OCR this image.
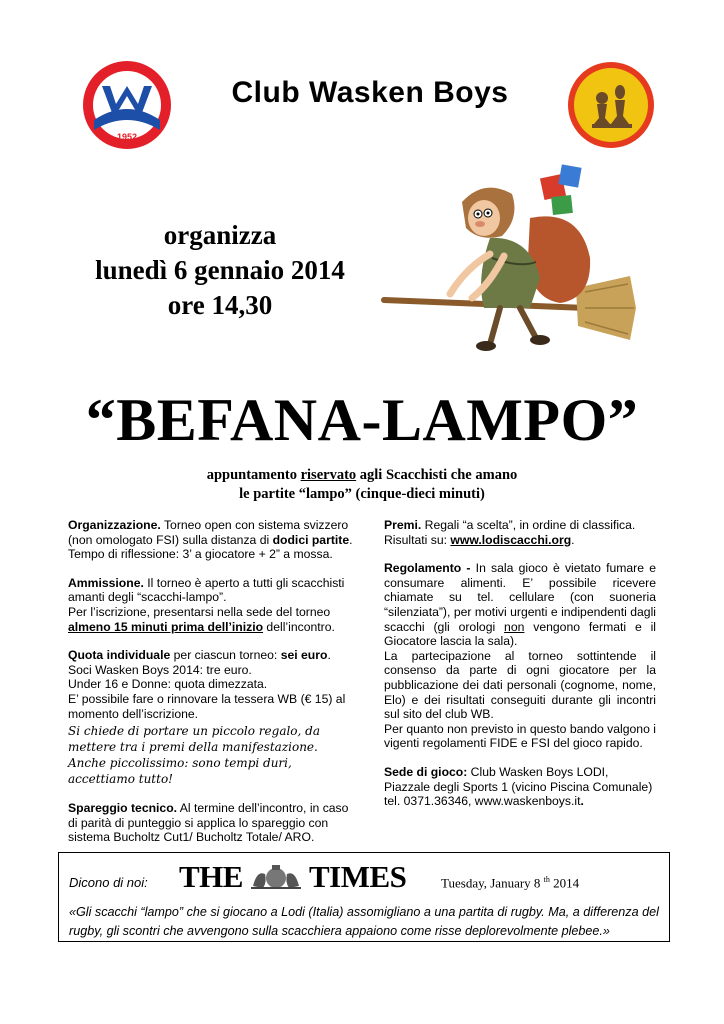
1952
Club Wasken Boys
organizza
lunedì 6 gennaio 2014
ore 14,30
“BEFANA-LAMPO”
appuntamento riservato agli Scacchisti che amano
le partite “lampo” (cinque-dieci minuti)

Organizzazione. Torneo open con sistema svizzero (non omologato FSI) sulla distanza di dodici partite.
Tempo di riflessione: 3’ a giocatore + 2” a mossa.

Ammissione. Il torneo è aperto a tutti gli scacchisti amanti degli “scacchi-lampo”.
Per l’iscrizione, presentarsi nella sede del torneo almeno 15 minuti prima dell’inizio dell’incontro.

Quota individuale per ciascun torneo: sei euro.
Soci Wasken Boys 2014: tre euro.
Under 16 e Donne: quota dimezzata.
E’ possibile fare o rinnovare la tessera WB (€ 15) al momento dell’iscrizione.
Si chiede di portare un piccolo regalo, da mettere tra i premi della manifestazione. Anche piccolissimo: sono tempi duri, accettiamo tutto!

Spareggio tecnico. Al termine dell’incontro, in caso di parità di punteggio si applica lo spareggio con sistema Bucholtz Cut1/ Bucholtz Totale/ ARO.

Premi. Regali “a scelta”, in ordine di classifica.
Risultati su: www.lodiscacchi.org.

Regolamento - In sala gioco è vietato fumare e consumare alimenti. E’ possibile ricevere chiamate su tel. cellulare (con suoneria “silenziata”), per motivi urgenti e indipendenti dagli scacchi (gli orologi non vengono fermati e il Giocatore lascia la sala).
La partecipazione al torneo sottintende il consenso da parte di ogni giocatore per la pubblicazione dei dati personali (cognome, nome, Elo) e dei risultati conseguiti durante gli incontri sul sito del club WB.
Per quanto non previsto in questo bando valgono i vigenti regolamenti FIDE e FSI del gioco rapido.

Sede di gioco: Club Wasken Boys LODI,
Piazzale degli Sports 1 (vicino Piscina Comunale)
tel. 0371.36346, www.waskenboys.it.

Dicono di noi: THE TIMES	Tuesday, January 8 $^{th}$ 2014
«Gli scacchi “lampo” che si giocano a Lodi (Italia) assomigliano a una partita di rugby. Ma, a differenza del rugby, gli scontri che avvengono sulla scacchiera appaiono come risse deplorevolmente plebee.»
